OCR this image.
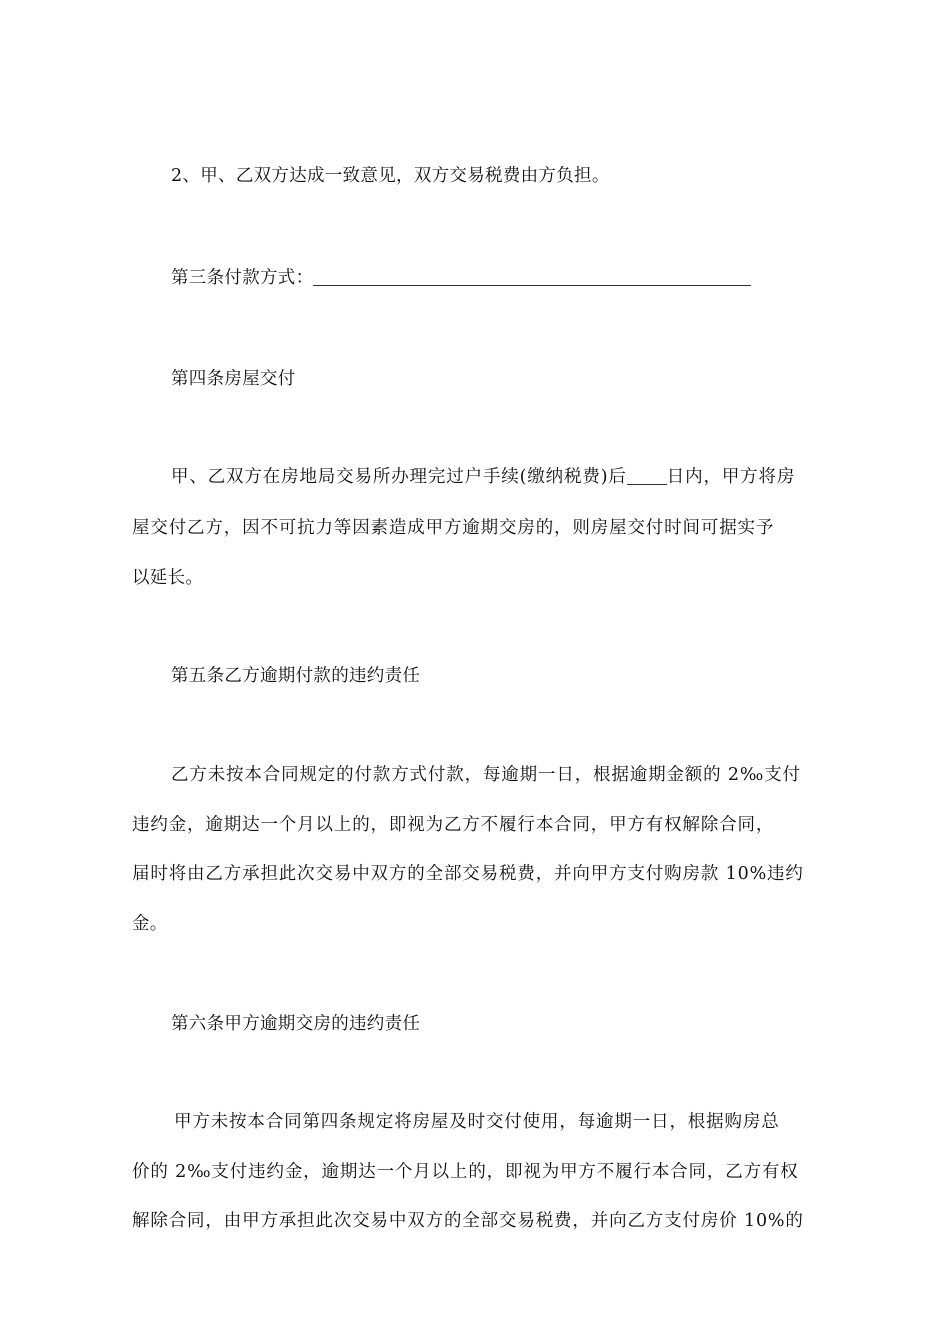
2、甲、乙双方达成一致意见，双方交易税费由方负担。
第三条付款方式：
第四条房屋交付
甲、乙双方在房地局交易所办理完过户手续(缴纳税费)后 日内，甲方将房
屋交付乙方，因不可抗力等因素造成甲方逾期交房的，则房屋交付时间可据实予
以延长。
第五条乙方逾期付款的违约责任
乙方未按本合同规定的付款方式付款，每逾期一日，根据逾期金额的 2‰支付
违约金，逾期达一个月以上的，即视为乙方不履行本合同，甲方有权解除合同，
届时将由乙方承担此次交易中双方的全部交易税费，并向甲方支付购房款 10%违约
金。
第六条甲方逾期交房的违约责任
甲方未按本合同第四条规定将房屋及时交付使用，每逾期一日，根据购房总
价的 2‰支付违约金，逾期达一个月以上的，即视为甲方不履行本合同，乙方有权
解除合同，由甲方承担此次交易中双方的全部交易税费，并向乙方支付房价 10%的
